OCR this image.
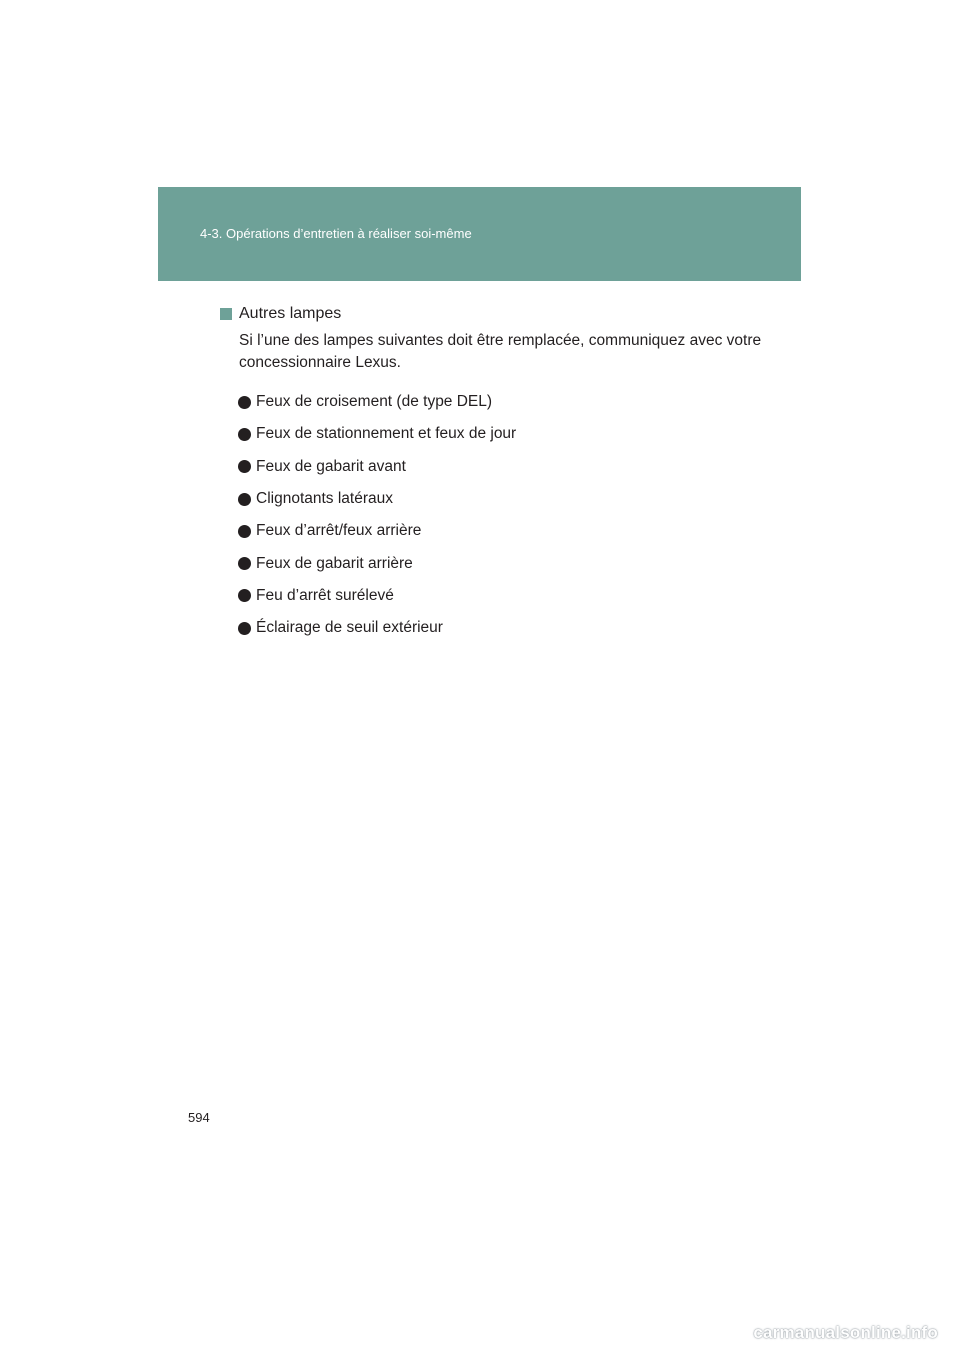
4-3. Opérations d’entretien à réaliser soi-même
Autres lampes
Si l’une des lampes suivantes doit être remplacée, communiquez avec votre concessionnaire Lexus.
Feux de croisement (de type DEL)
Feux de stationnement et feux de jour
Feux de gabarit avant
Clignotants latéraux
Feux d’arrêt/feux arrière
Feux de gabarit arrière
Feu d’arrêt surélevé
Éclairage de seuil extérieur
594
carmanualsonline.info
